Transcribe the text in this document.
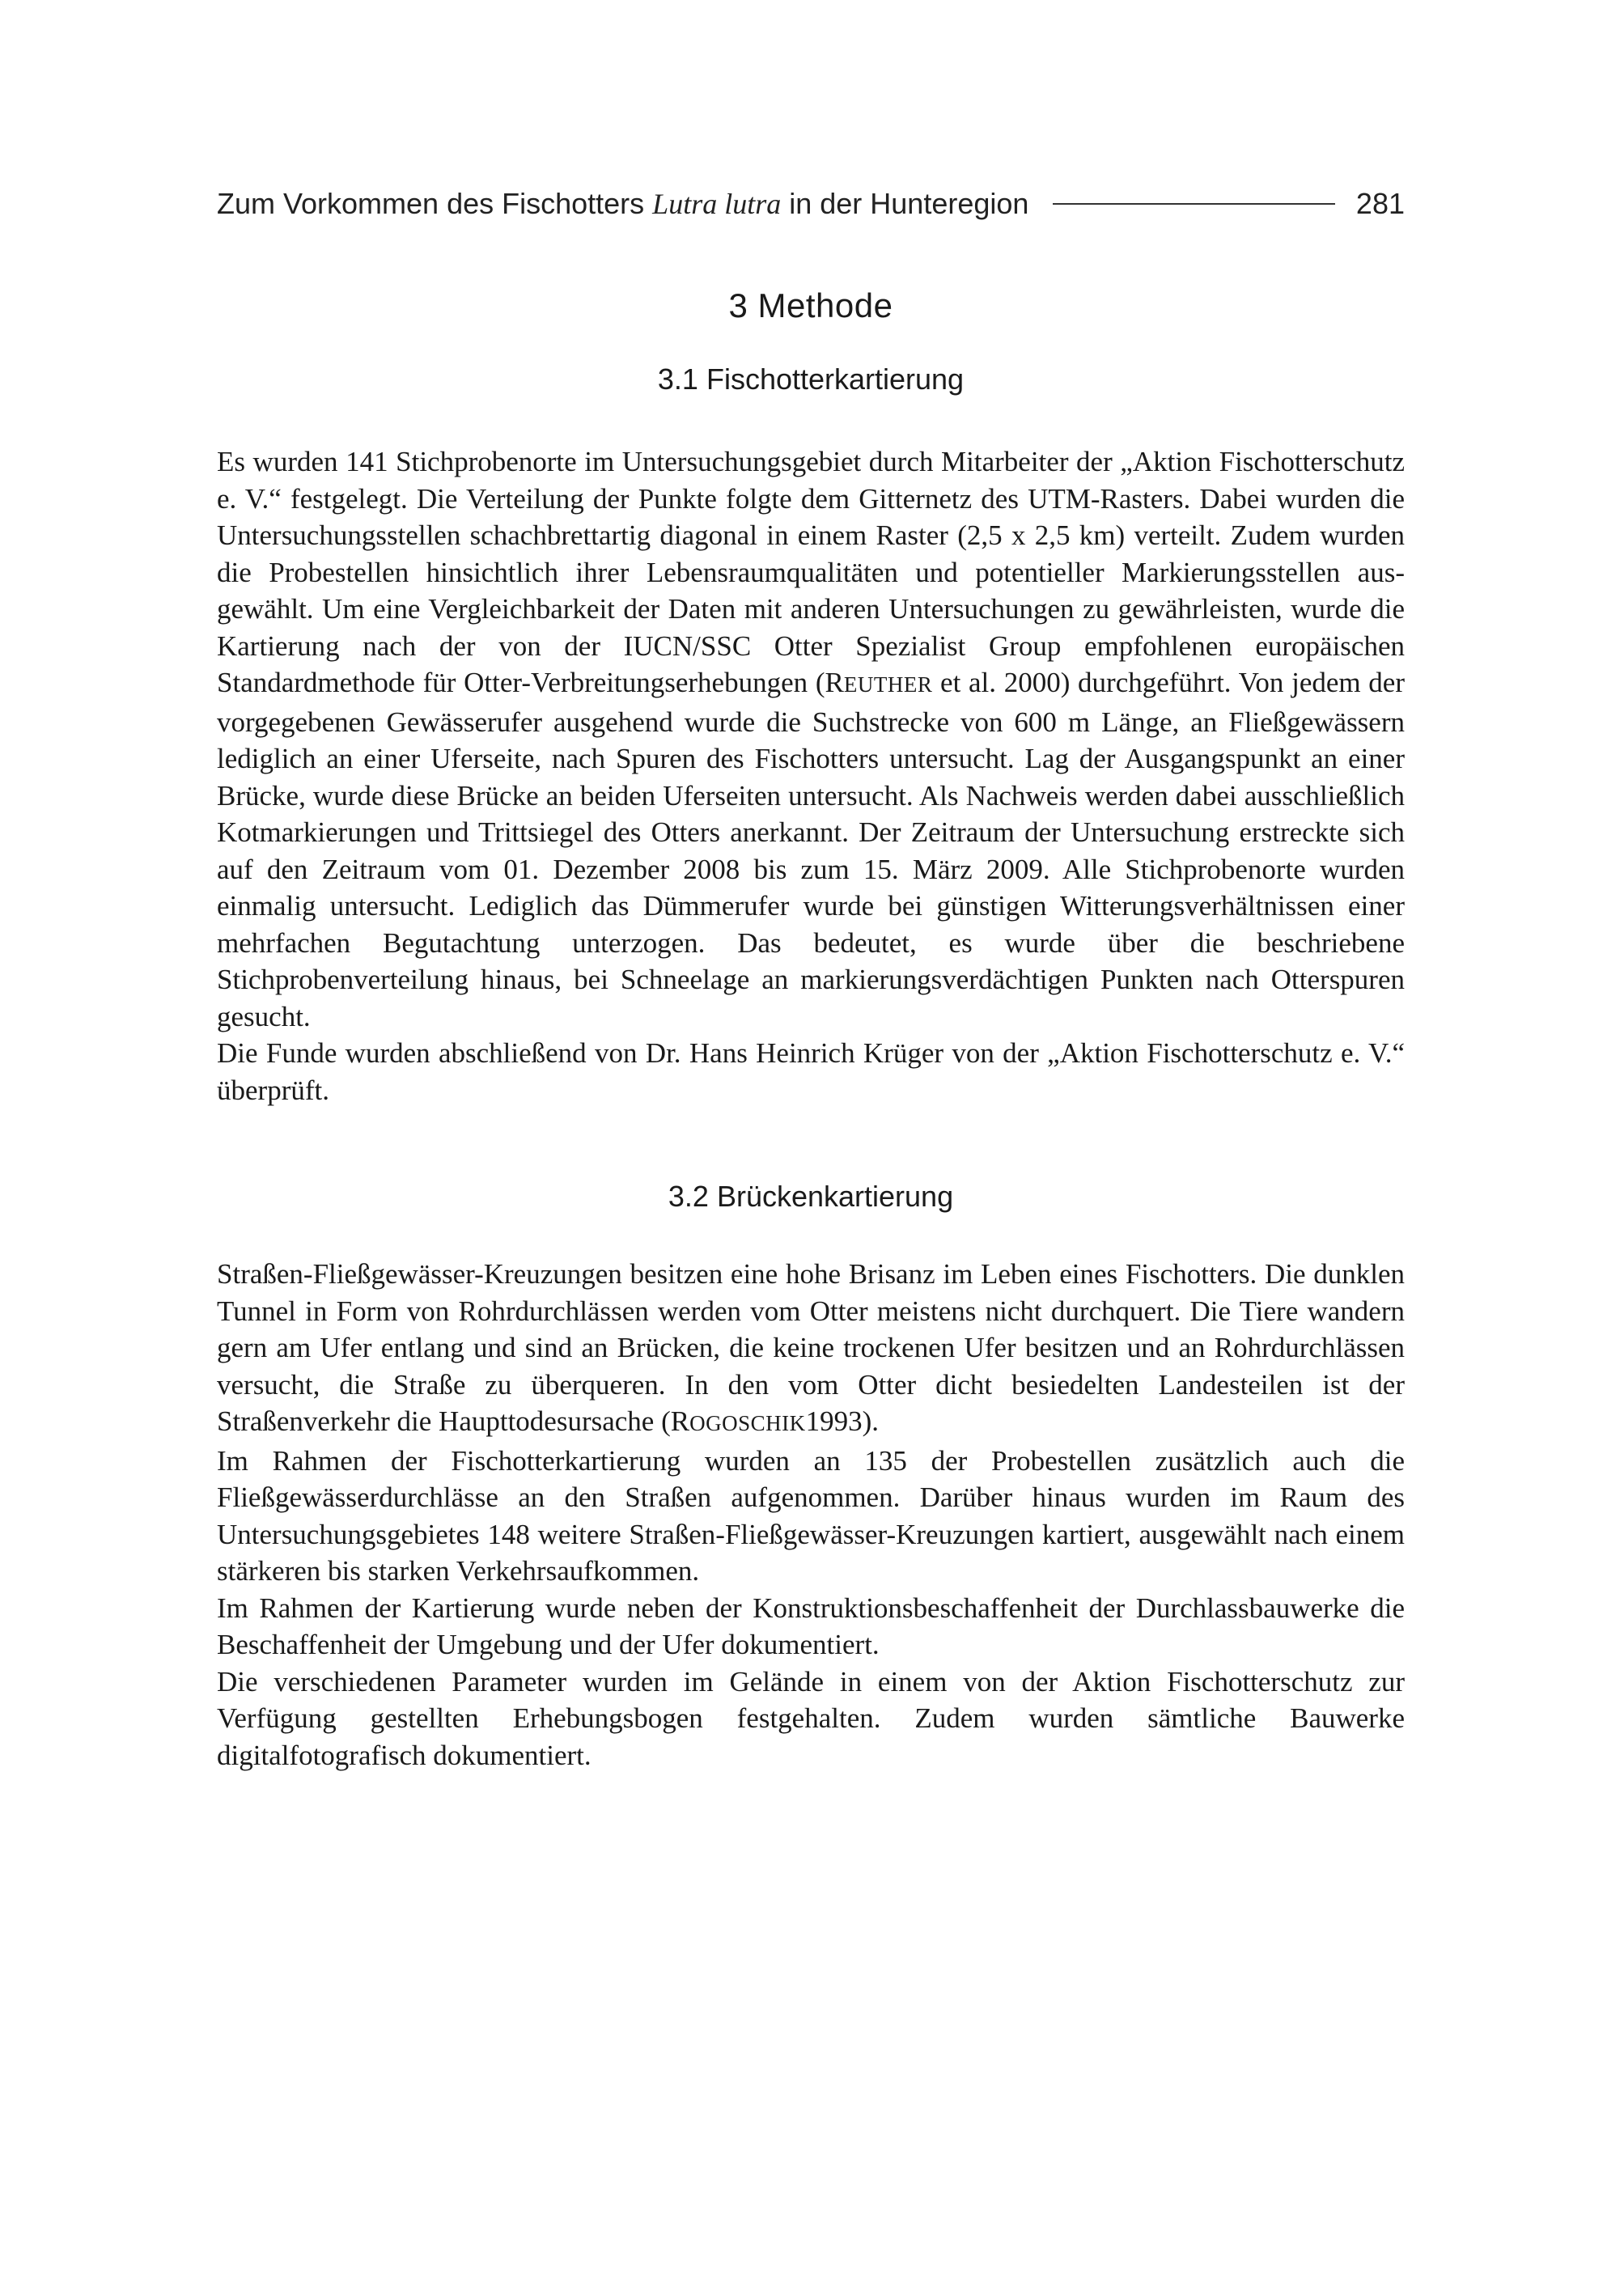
Zum Vorkommen des Fischotters Lutra lutra in der Hunteregion	281
3 Methode
3.1 Fischotterkartierung

Es wurden 141 Stichprobenorte im Untersuchungsgebiet durch Mitarbeiter der „Aktion Fischotterschutz e. V.“ festgelegt. Die Verteilung der Punkte folgte dem Gitternetz des UTM-Rasters. Dabei wurden die Untersuchungsstellen schachbrettartig diagonal in einem Raster (2,5 x 2,5 km) verteilt. Zudem wurden die Probestellen hinsichtlich ihrer Lebensraumqualitäten und potentieller Markierungsstellen ausgewählt. Um eine Vergleichbarkeit der Daten mit anderen Untersuchungen zu gewährleisten, wurde die Kartierung nach der von der IUCN/SSC Otter Spezialist Group empfohlenen europäischen Standardmethode für Otter-Verbreitungserhebungen (REUTHER et al. 2000) durchgeführt. Von jedem der vorgegebenen Gewässerufer ausgehend wurde die Suchstrecke von 600 m Länge, an Fließgewässern lediglich an einer Uferseite, nach Spuren des Fischotters untersucht. Lag der Ausgangspunkt an einer Brücke, wurde diese Brücke an beiden Uferseiten untersucht. Als Nachweis werden dabei ausschließlich Kotmarkierungen und Trittsiegel des Otters anerkannt. Der Zeitraum der Untersuchung erstreckte sich auf den Zeitraum vom 01. Dezember 2008 bis zum 15. März 2009. Alle Stichprobenorte wurden einmalig untersucht. Lediglich das Dümmerufer wurde bei günstigen Witterungsverhältnissen einer mehrfachen Begutachtung unterzogen. Das bedeutet, es wurde über die beschriebene Stichprobenverteilung hinaus, bei Schneelage an markierungsverdächtigen Punkten nach Otterspuren gesucht.

Die Funde wurden abschließend von Dr. Hans Heinrich Krüger von der „Aktion Fischotterschutz e. V.“ überprüft.

3.2 Brückenkartierung

Straßen-Fließgewässer-Kreuzungen besitzen eine hohe Brisanz im Leben eines Fischotters. Die dunklen Tunnel in Form von Rohrdurchlässen werden vom Otter meistens nicht durchquert. Die Tiere wandern gern am Ufer entlang und sind an Brücken, die keine trockenen Ufer besitzen und an Rohrdurchlässen versucht, die Straße zu überqueren. In den vom Otter dicht besiedelten Landesteilen ist der Straßenverkehr die Haupttodesursache (ROGOSCHIK1993).

Im Rahmen der Fischotterkartierung wurden an 135 der Probestellen zusätzlich auch die Fließgewässerdurchlässe an den Straßen aufgenommen. Darüber hinaus wurden im Raum des Untersuchungsgebietes 148 weitere Straßen-Fließgewässer-Kreuzungen kartiert, ausgewählt nach einem stärkeren bis starken Verkehrsaufkommen.

Im Rahmen der Kartierung wurde neben der Konstruktionsbeschaffenheit der Durchlassbauwerke die Beschaffenheit der Umgebung und der Ufer dokumentiert.

Die verschiedenen Parameter wurden im Gelände in einem von der Aktion Fischotterschutz zur Verfügung gestellten Erhebungsbogen festgehalten. Zudem wurden sämtliche Bauwerke digitalfotografisch dokumentiert.
